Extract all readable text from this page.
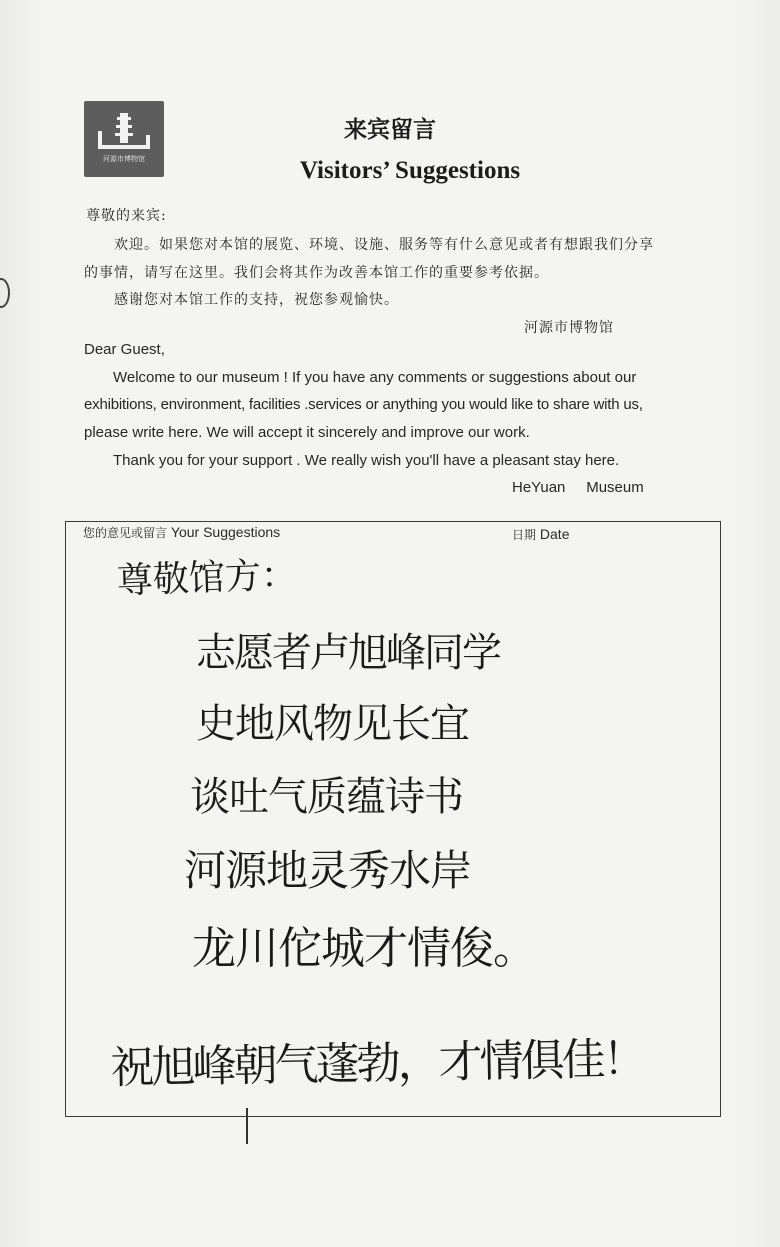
河源市博物馆
来宾留言
Visitors’ Suggestions
尊敬的来宾:
欢迎。如果您对本馆的展览、环境、设施、服务等有什么意见或者有想跟我们分享
的事情，请写在这里。我们会将其作为改善本馆工作的重要参考依据。
感谢您对本馆工作的支持，祝您参观愉快。
河源市博物馆
Dear Guest,
Welcome to our museum ! If you have any comments or suggestions about our
exhibitions, environment, facilities .services or anything you would like to share with us,
please write here. We will accept it sincerely and improve our work.
Thank you for your support . We really wish you'll have a pleasant stay here.
HeYuan     Museum
您的意见或留言 Your Suggestions	日期 Date
尊敬馆方：
志愿者卢旭峰同学
史地风物见长宜
谈吐气质蕴诗书
河源地灵秀水岸
龙川佗城才情俊。
祝旭峰朝气蓬勃，才情俱佳！
